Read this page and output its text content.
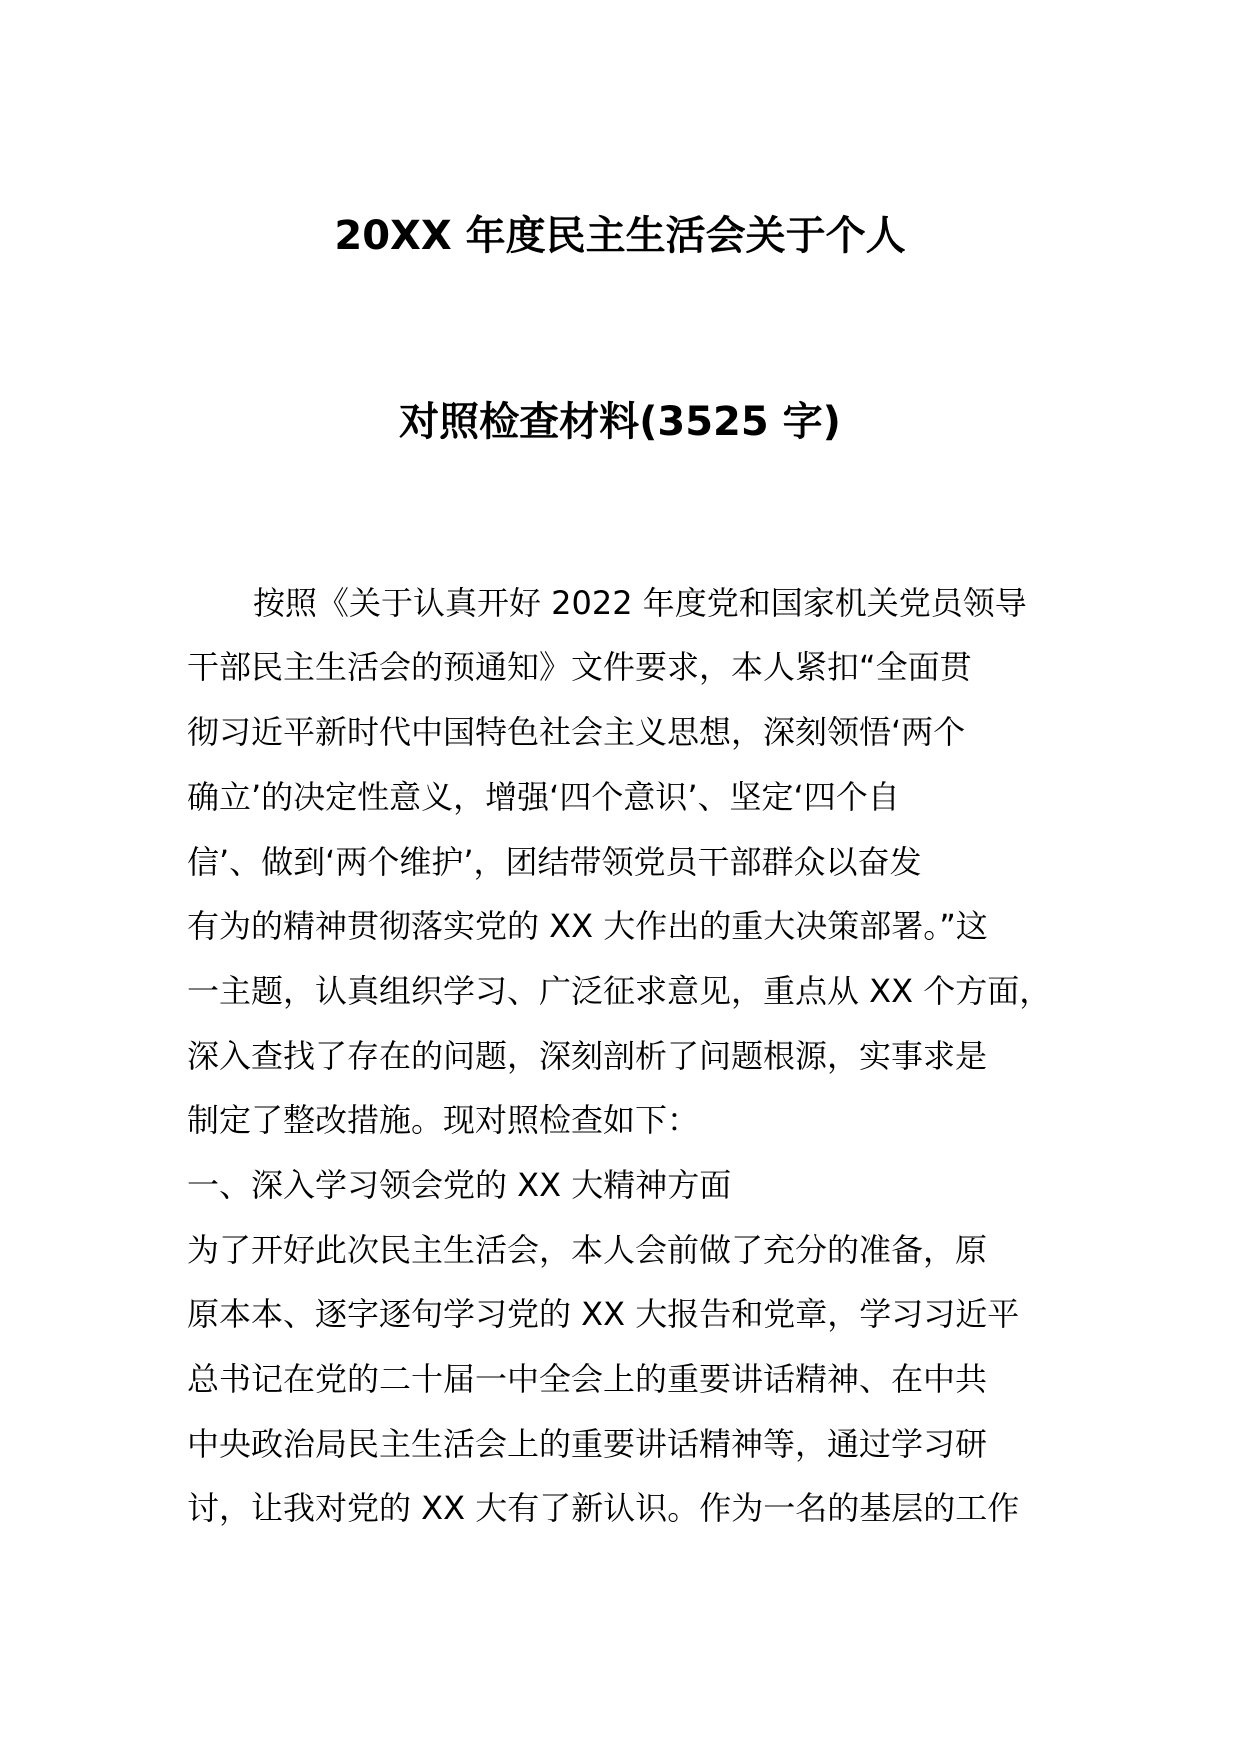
20XX 年度民主生活会关于个人
对照检查材料(3525 字)
按照《关于认真开好 2022 年度党和国家机关党员领导
干部民主生活会的预通知》文件要求，本人紧扣“全面贯
彻习近平新时代中国特色社会主义思想，深刻领悟‘两个
确立’的决定性意义，增强‘四个意识’、坚定‘四个自
信’、做到‘两个维护’，团结带领党员干部群众以奋发
有为的精神贯彻落实党的 XX 大作出的重大决策部署。”这
一主题，认真组织学习、广泛征求意见，重点从 XX 个方面，
深入查找了存在的问题，深刻剖析了问题根源，实事求是
制定了整改措施。现对照检查如下：
一、深入学习领会党的 XX 大精神方面
为了开好此次民主生活会，本人会前做了充分的准备，原
原本本、逐字逐句学习党的 XX 大报告和党章，学习习近平
总书记在党的二十届一中全会上的重要讲话精神、在中共
中央政治局民主生活会上的重要讲话精神等，通过学习研
讨，让我对党的 XX 大有了新认识。作为一名的基层的工作
